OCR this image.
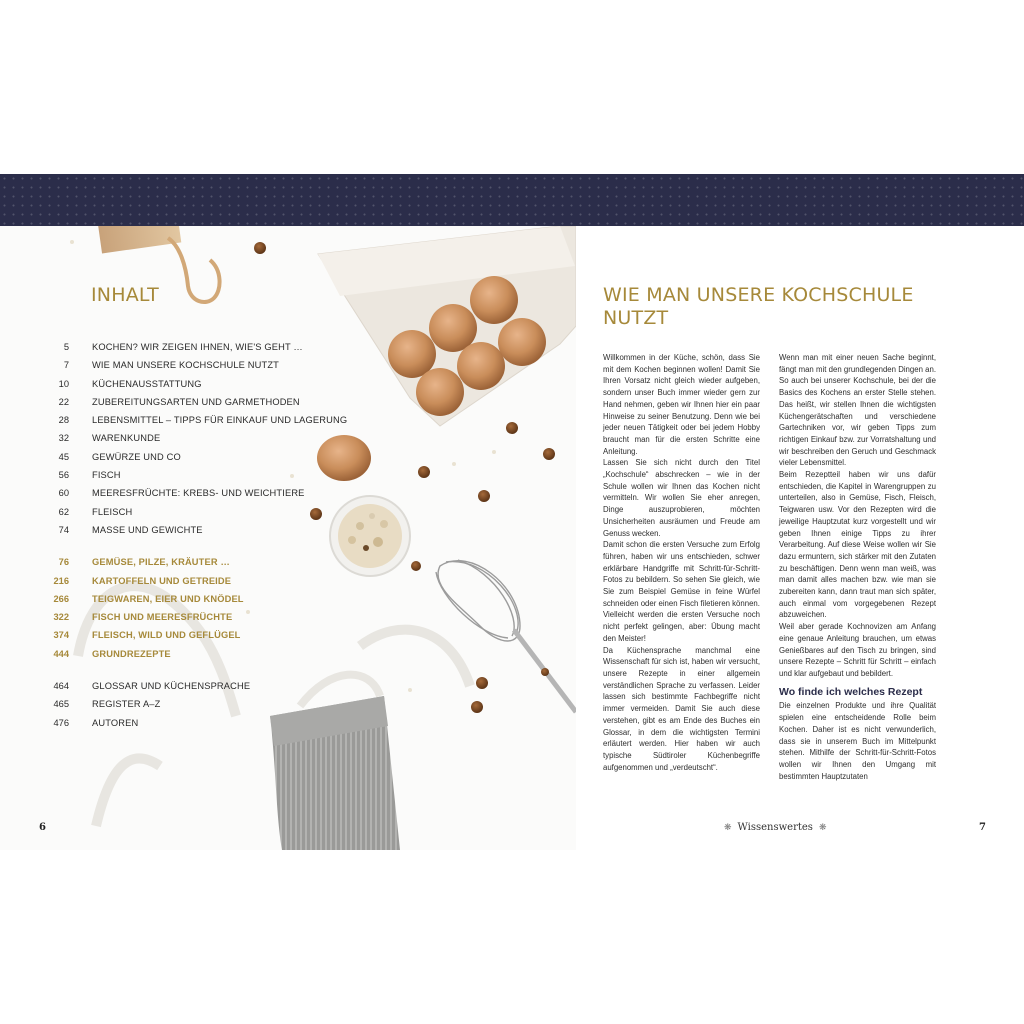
INHALT
5 KOCHEN? WIR ZEIGEN IHNEN, WIE'S GEHT …
7 WIE MAN UNSERE KOCHSCHULE NUTZT
10 KÜCHENAUSSTATTUNG
22 ZUBEREITUNGSARTEN UND GARMETHODEN
28 LEBENSMITTEL – TIPPS FÜR EINKAUF UND LAGERUNG
32 WARENKUNDE
45 GEWÜRZE UND CO
56 FISCH
60 MEERESFRÜCHTE: KREBS- UND WEICHTIERE
62 FLEISCH
74 MASSE UND GEWICHTE
76 GEMÜSE, PILZE, KRÄUTER …
216 KARTOFFELN UND GETREIDE
266 TEIGWAREN, EIER UND KNÖDEL
322 FISCH UND MEERESFRÜCHTE
374 FLEISCH, WILD UND GEFLÜGEL
444 GRUNDREZEPTE
464 GLOSSAR UND KÜCHENSPRACHE
465 REGISTER A–Z
476 AUTOREN
WIE MAN UNSERE KOCHSCHULE
NUTZT

Willkommen in der Küche, schön, dass Sie mit dem Kochen beginnen wollen! Damit Sie Ihren Vorsatz nicht gleich wieder aufgeben, sondern unser Buch immer wieder gern zur Hand nehmen, geben wir Ihnen hier ein paar Hinweise zu seiner Benutzung. Denn wie bei jeder neuen Tätigkeit oder bei jedem Hobby braucht man für die ersten Schritte eine Anleitung.

Lassen Sie sich nicht durch den Titel „Kochschule“ abschrecken – wie in der Schule wollen wir Ihnen das Kochen nicht vermitteln. Wir wollen Sie eher anregen, Dinge auszuprobieren, möchten Unsicherheiten ausräumen und Freude am Genuss wecken.

Damit schon die ersten Versuche zum Erfolg führen, haben wir uns entschieden, schwer erklärbare Handgriffe mit Schritt-für-Schritt-Fotos zu bebildern. So sehen Sie gleich, wie Sie zum Beispiel Gemüse in feine Würfel schneiden oder einen Fisch filetieren können.

Vielleicht werden die ersten Versuche noch nicht perfekt gelingen, aber: Übung macht den Meister!

Da Küchensprache manchmal eine Wissenschaft für sich ist, haben wir versucht, unsere Rezepte in einer allgemein verständlichen Sprache zu verfassen. Leider lassen sich bestimmte Fachbegriffe nicht immer vermeiden. Damit Sie auch diese verstehen, gibt es am Ende des Buches ein Glossar, in dem die wichtigsten Termini erläutert werden. Hier haben wir auch typische Südtiroler Küchenbegriffe aufgenommen und „verdeutscht“.

Wenn man mit einer neuen Sache beginnt, fängt man mit den grundlegenden Dingen an. So auch bei unserer Kochschule, bei der die Basics des Kochens an erster Stelle stehen. Das heißt, wir stellen Ihnen die wichtigsten Küchengerätschaften und verschiedene Gartechniken vor, wir geben Tipps zum richtigen Einkauf bzw. zur Vorratshaltung und wir beschreiben den Geruch und Geschmack vieler Lebensmittel.

Beim Rezeptteil haben wir uns dafür entschieden, die Kapitel in Warengruppen zu unterteilen, also in Gemüse, Fisch, Fleisch, Teigwaren usw. Vor den Rezepten wird die jeweilige Hauptzutat kurz vorgestellt und wir geben Ihnen einige Tipps zu ihrer Verarbeitung. Auf diese Weise wollen wir Sie dazu ermuntern, sich stärker mit den Zutaten zu beschäftigen. Denn wenn man weiß, was man damit alles machen bzw. wie man sie zubereiten kann, dann traut man sich später, auch einmal vom vorgegebenen Rezept abzuweichen.

Weil aber gerade Kochnovizen am Anfang eine genaue Anleitung brauchen, um etwas Genießbares auf den Tisch zu bringen, sind unsere Rezepte – Schritt für Schritt – einfach und klar aufgebaut und bebildert.

Wo finde ich welches Rezept

Die einzelnen Produkte und ihre Qualität spielen eine entscheidende Rolle beim Kochen. Daher ist es nicht verwunderlich, dass sie in unserem Buch im Mittelpunkt stehen. Mithilfe der Schritt-für-Schritt-Fotos wollen wir Ihnen den Umgang mit bestimmten Hauptzutaten

6	❋ Wissenswertes ❋	7
